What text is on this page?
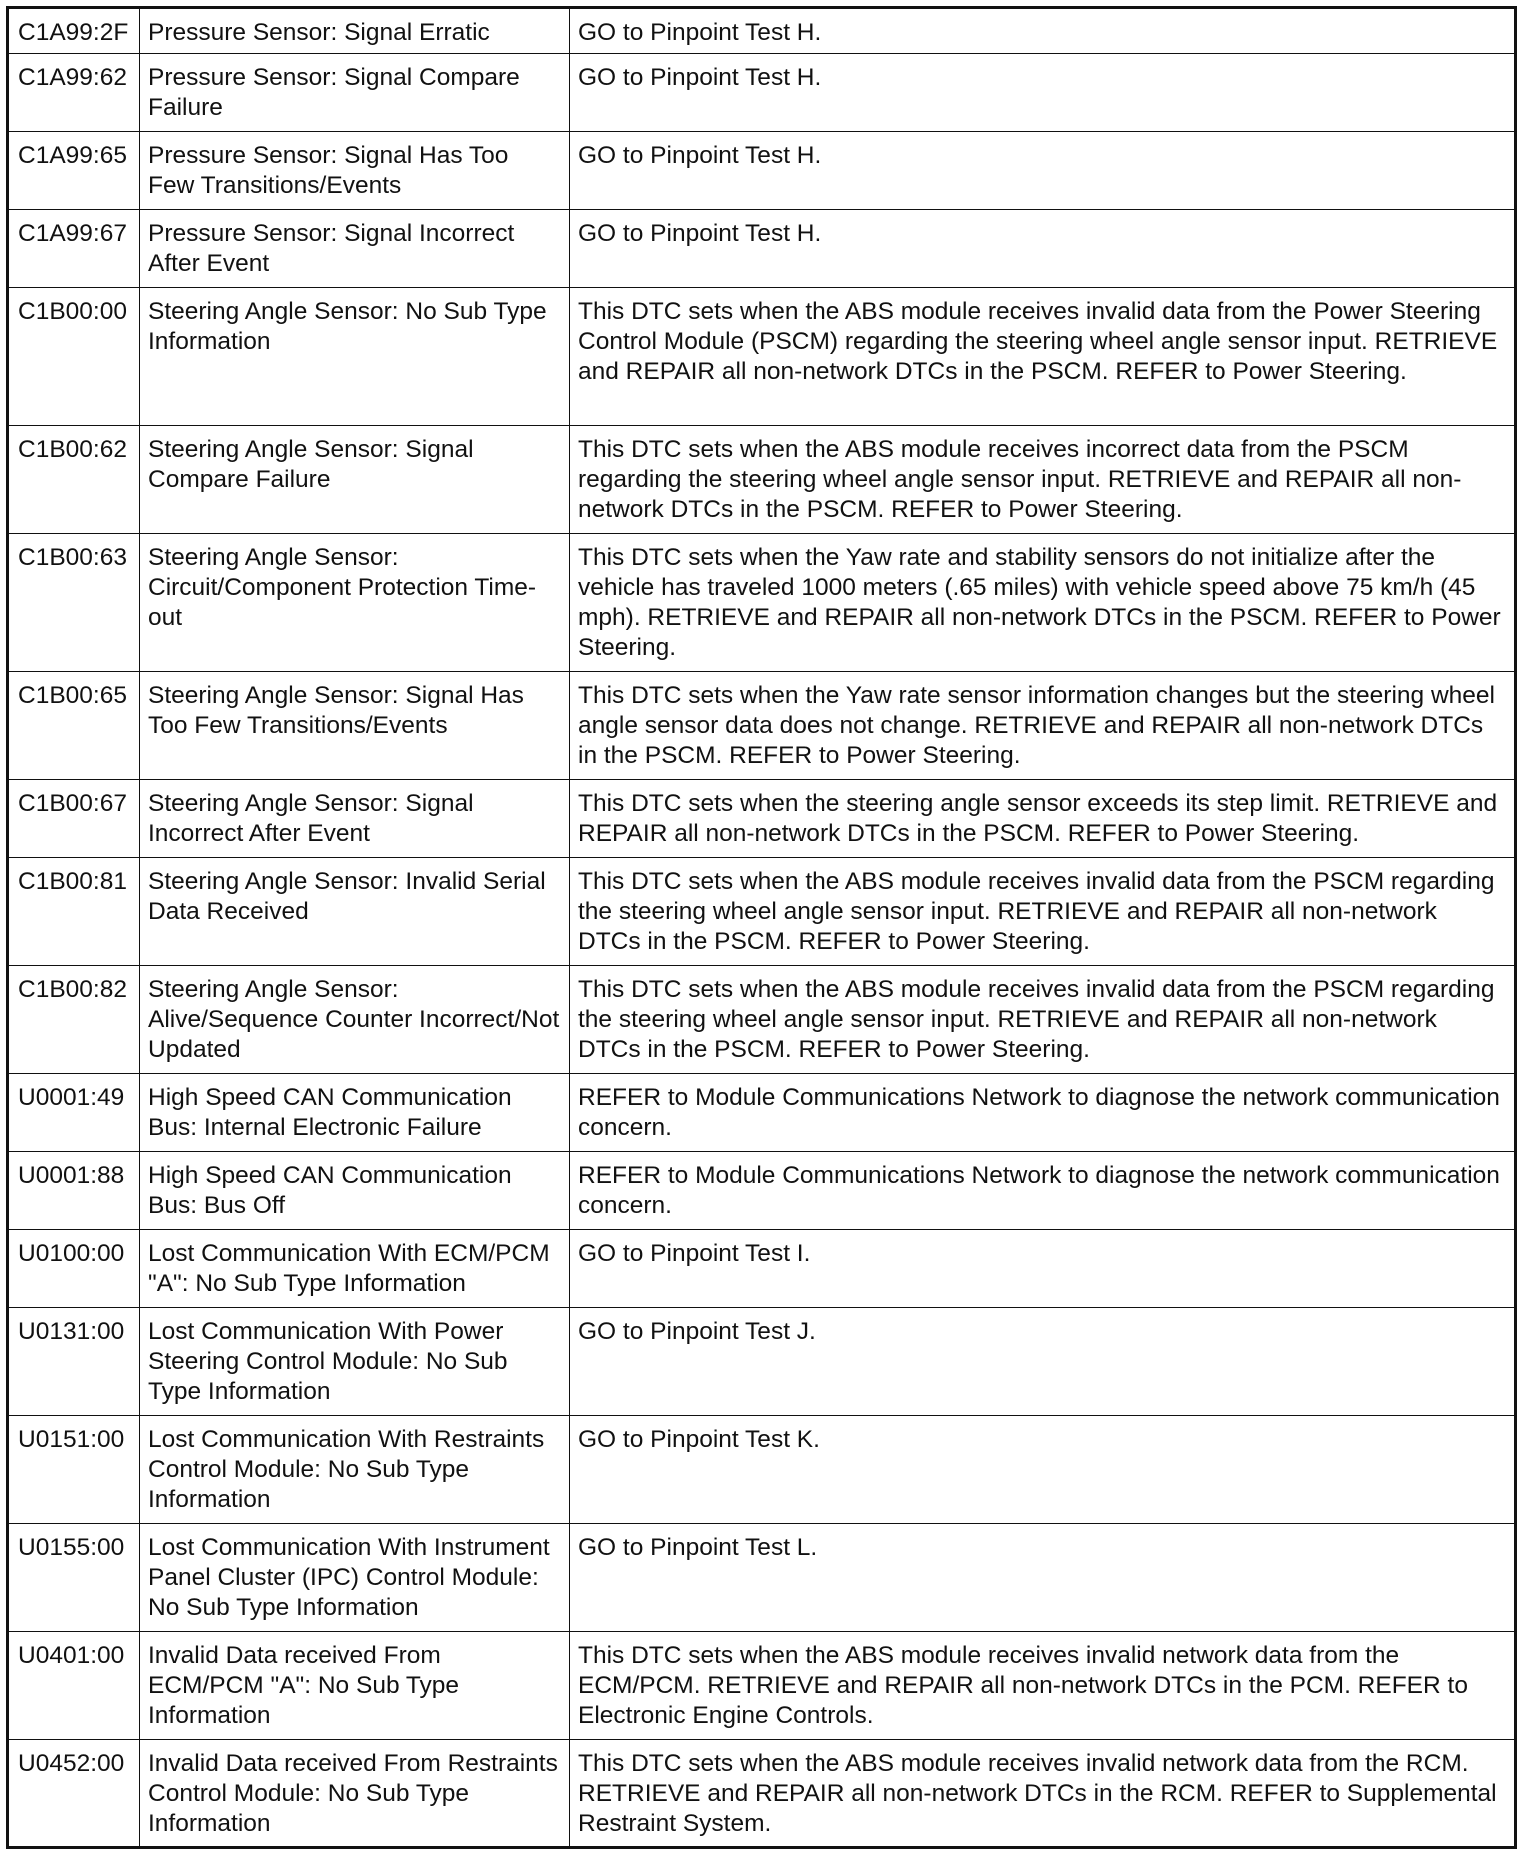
C1A99:2F	Pressure Sensor: Signal Erratic	GO to Pinpoint Test H.
C1A99:62	Pressure Sensor: Signal Compare Failure	GO to Pinpoint Test H.
C1A99:65	Pressure Sensor: Signal Has Too Few Transitions/Events	GO to Pinpoint Test H.
C1A99:67	Pressure Sensor: Signal Incorrect After Event	GO to Pinpoint Test H.
C1B00:00	Steering Angle Sensor: No Sub Type Information	This DTC sets when the ABS module receives invalid data from the Power Steering Control Module (PSCM) regarding the steering wheel angle sensor input. RETRIEVE and REPAIR all non-network DTCs in the PSCM. REFER to Power Steering.
C1B00:62	Steering Angle Sensor: Signal Compare Failure	This DTC sets when the ABS module receives incorrect data from the PSCM regarding the steering wheel angle sensor input. RETRIEVE and REPAIR all non-network DTCs in the PSCM. REFER to Power Steering.
C1B00:63	Steering Angle Sensor: Circuit/Component Protection Time-out	This DTC sets when the Yaw rate and stability sensors do not initialize after the vehicle has traveled 1000 meters (.65 miles) with vehicle speed above 75 km/h (45 mph). RETRIEVE and REPAIR all non-network DTCs in the PSCM. REFER to Power Steering.
C1B00:65	Steering Angle Sensor: Signal Has Too Few Transitions/Events	This DTC sets when the Yaw rate sensor information changes but the steering wheel angle sensor data does not change. RETRIEVE and REPAIR all non-network DTCs in the PSCM. REFER to Power Steering.
C1B00:67	Steering Angle Sensor: Signal Incorrect After Event	This DTC sets when the steering angle sensor exceeds its step limit. RETRIEVE and REPAIR all non-network DTCs in the PSCM. REFER to Power Steering.
C1B00:81	Steering Angle Sensor: Invalid Serial Data Received	This DTC sets when the ABS module receives invalid data from the PSCM regarding the steering wheel angle sensor input. RETRIEVE and REPAIR all non-network DTCs in the PSCM. REFER to Power Steering.
C1B00:82	Steering Angle Sensor: Alive/Sequence Counter Incorrect/Not Updated	This DTC sets when the ABS module receives invalid data from the PSCM regarding the steering wheel angle sensor input. RETRIEVE and REPAIR all non-network DTCs in the PSCM. REFER to Power Steering.
U0001:49	High Speed CAN Communication Bus: Internal Electronic Failure	REFER to Module Communications Network to diagnose the network communication concern.
U0001:88	High Speed CAN Communication Bus: Bus Off	REFER to Module Communications Network to diagnose the network communication concern.
U0100:00	Lost Communication With ECM/PCM "A": No Sub Type Information	GO to Pinpoint Test I.
U0131:00	Lost Communication With Power Steering Control Module: No Sub Type Information	GO to Pinpoint Test J.
U0151:00	Lost Communication With Restraints Control Module: No Sub Type Information	GO to Pinpoint Test K.
U0155:00	Lost Communication With Instrument Panel Cluster (IPC) Control Module: No Sub Type Information	GO to Pinpoint Test L.
U0401:00	Invalid Data received From ECM/PCM "A": No Sub Type Information	This DTC sets when the ABS module receives invalid network data from the ECM/PCM. RETRIEVE and REPAIR all non-network DTCs in the PCM. REFER to Electronic Engine Controls.
U0452:00	Invalid Data received From Restraints Control Module: No Sub Type Information	This DTC sets when the ABS module receives invalid network data from the RCM. RETRIEVE and REPAIR all non-network DTCs in the RCM. REFER to Supplemental Restraint System.
